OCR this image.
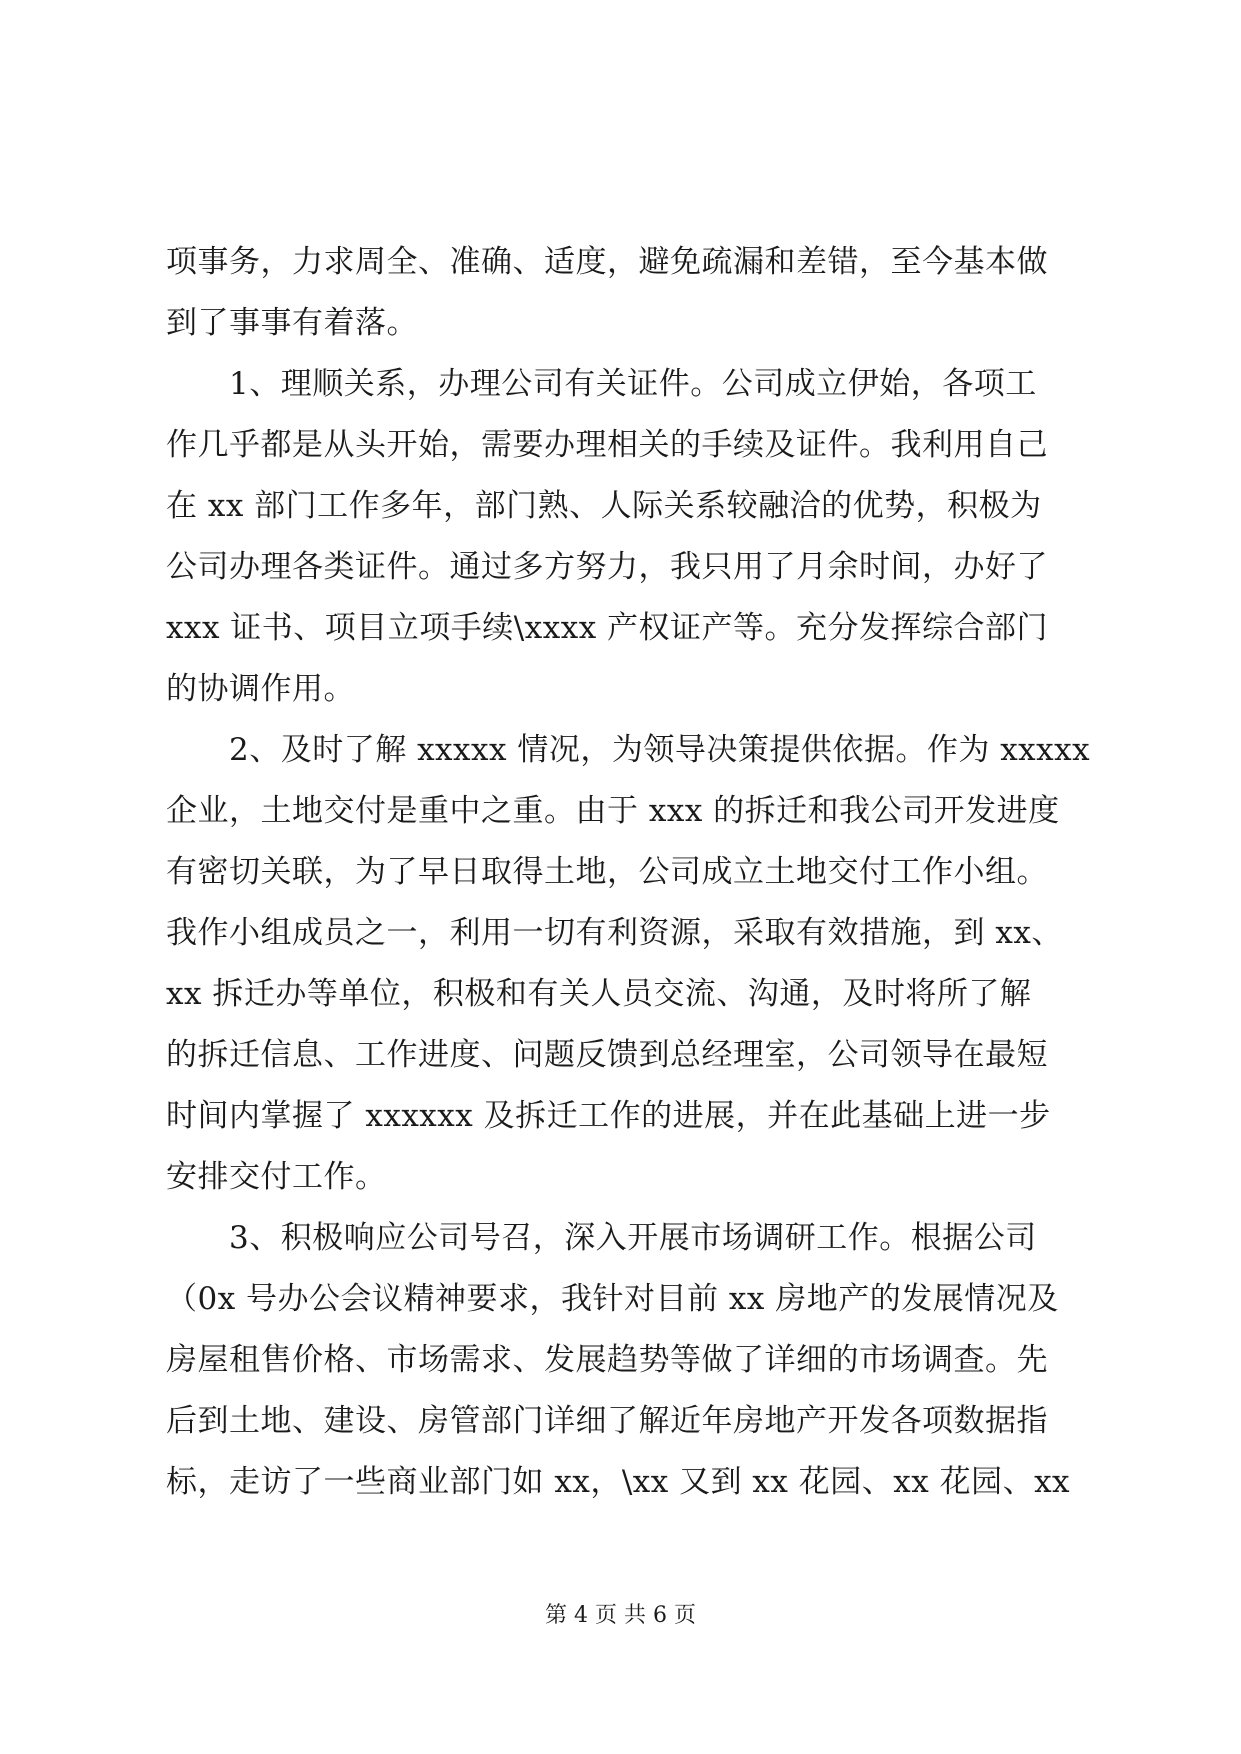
项事务，力求周全、准确、适度，避免疏漏和差错，至今基本做
到了事事有着落。
　　1、理顺关系，办理公司有关证件。公司成立伊始，各项工
作几乎都是从头开始，需要办理相关的手续及证件。我利用自己
在 xx 部门工作多年，部门熟、人际关系较融洽的优势，积极为
公司办理各类证件。通过多方努力，我只用了月余时间，办好了
xxx 证书、项目立项手续\xxxx 产权证产等。充分发挥综合部门
的协调作用。
　　2、及时了解 xxxxx 情况，为领导决策提供依据。作为 xxxxx
企业，土地交付是重中之重。由于 xxx 的拆迁和我公司开发进度
有密切关联，为了早日取得土地，公司成立土地交付工作小组。
我作小组成员之一，利用一切有利资源，采取有效措施，到 xx、
xx 拆迁办等单位，积极和有关人员交流、沟通，及时将所了解
的拆迁信息、工作进度、问题反馈到总经理室，公司领导在最短
时间内掌握了 xxxxxx 及拆迁工作的进展，并在此基础上进一步
安排交付工作。
　　3、积极响应公司号召，深入开展市场调研工作。根据公司
（0x 号办公会议精神要求，我针对目前 xx 房地产的发展情况及
房屋租售价格、市场需求、发展趋势等做了详细的市场调查。先
后到土地、建设、房管部门详细了解近年房地产开发各项数据指
标，走访了一些商业部门如 xx，\xx 又到 xx 花园、xx 花园、xx
第 4 页 共 6 页
